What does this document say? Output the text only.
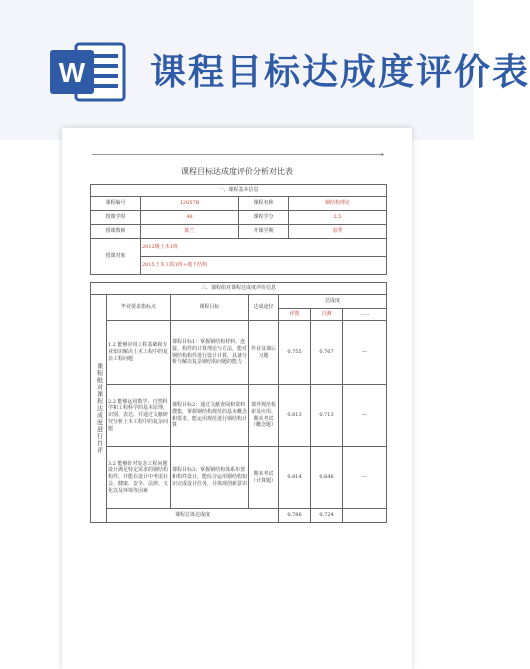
W 课程目标达成度评价表
◂
课程目标达成度评价分析对比表
一、课程基本信息			
课程编号	12057B	课程名称	钢结构理论
授课学时	48	课程学分	2.5
授课教师	陈兰	开课学期	春季
授课对象	2012级土木1班		
	2015土木工程1班+地下结构		
三、课程组对课程达成度评价信息						
课程组对课程达成度进行自评	毕业要求指标点	课程目标	达成途径	达成度		
				评教	自测	……
	1.2 能够应用工程基础和专业知识解决土木工程中的复杂工程问题	课程目标1：掌握钢结构材料、连接、构件的计算理论与方法，能对钢结构构件进行设计计算，具备分析与解决复杂钢结构问题的能力	作业及课后习题	0.755	0.767	—
	2.2 能够运用数学、自然科学和工程科学的基本原理，识别、表达、并通过文献研究分析土木工程中的复杂问题	课程目标2：通过文献查阅和资料搜集，掌握钢结构规范的基本概念和要求，能运用规范进行钢结构计算	课外规范检索及应用、期末考试（概念题）	0.813	0.713	—
	3.2 能够针对复杂工程问题设计满足特定需求的钢结构构件，并能在设计中考虑社会、健康、安全、法律、文化以及环境等因素	课程目标3：掌握钢结构体系布置和构件设计，能综合运用钢结构知识完成设计任务，并体现创新意识	期末考试（计算题）	0.814	0.646	—
	课程总体达成度			0.786	0.724	
